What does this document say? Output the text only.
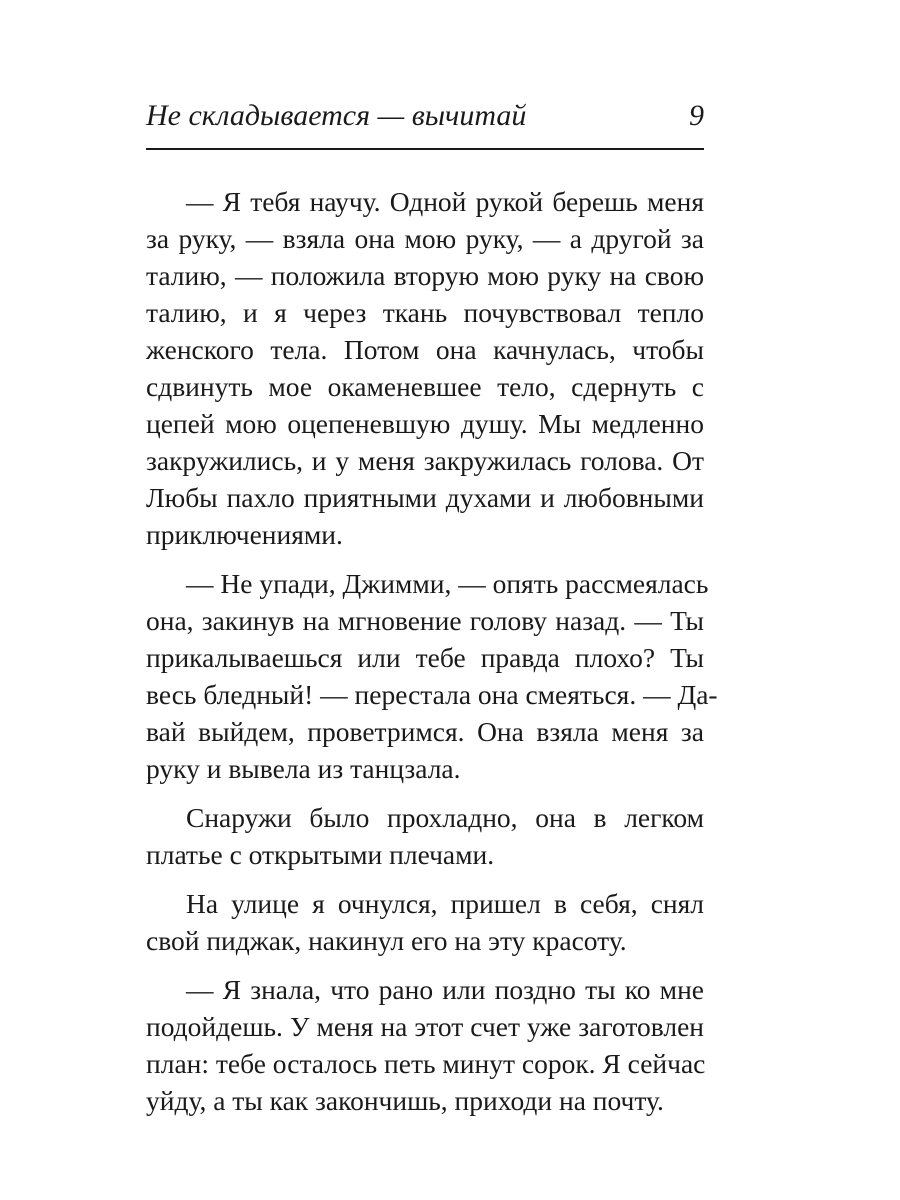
Не складывается — вычитай	9
— Я тебя научу. Одной рукой берешь меня
за руку, — взяла она мою руку, — а другой за
талию, — положила вторую мою руку на свою
талию, и я через ткань почувствовал тепло
женского тела. Потом она качнулась, чтобы
сдвинуть мое окаменевшее тело, сдернуть с
цепей мою оцепеневшую душу. Мы медленно
закружились, и у меня закружилась голова. От
Любы пахло приятными духами и любовными
приключениями.
— Не упади, Джимми, — опять рассмеялась
она, закинув на мгновение голову назад. — Ты
прикалываешься или тебе правда плохо? Ты
весь бледный! — перестала она смеяться. — Да-
вай выйдем, проветримся. Она взяла меня за
руку и вывела из танцзала.
Снаружи было прохладно, она в легком
платье с открытыми плечами.
На улице я очнулся, пришел в себя, снял
свой пиджак, накинул его на эту красоту.
— Я знала, что рано или поздно ты ко мне
подойдешь. У меня на этот счет уже заготовлен
план: тебе осталось петь минут сорок. Я сейчас
уйду, а ты как закончишь, приходи на почту.
